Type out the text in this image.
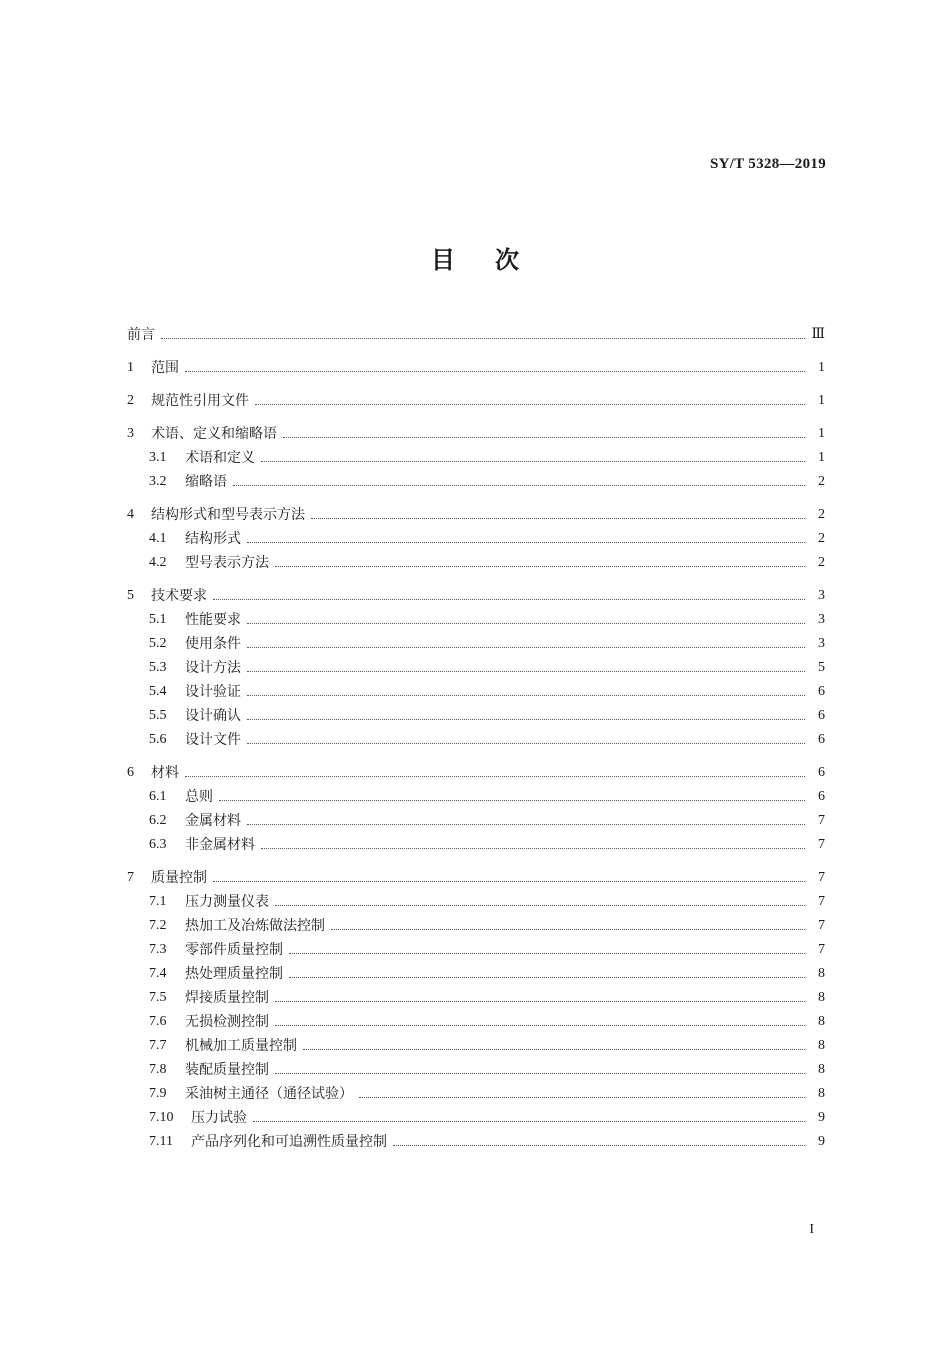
SY/T 5328—2019
目次
前言	Ⅲ
1	范围	1
2	规范性引用文件	1
3	术语、定义和缩略语	1
3.1	术语和定义	1
3.2	缩略语	2
4	结构形式和型号表示方法	2
4.1	结构形式	2
4.2	型号表示方法	2
5	技术要求	3
5.1	性能要求	3
5.2	使用条件	3
5.3	设计方法	5
5.4	设计验证	6
5.5	设计确认	6
5.6	设计文件	6
6	材料	6
6.1	总则	6
6.2	金属材料	7
6.3	非金属材料	7
7	质量控制	7
7.1	压力测量仪表	7
7.2	热加工及冶炼做法控制	7
7.3	零部件质量控制	7
7.4	热处理质量控制	8
7.5	焊接质量控制	8
7.6	无损检测控制	8
7.7	机械加工质量控制	8
7.8	装配质量控制	8
7.9	采油树主通径（通径试验）	8
7.10	压力试验	9
7.11	产品序列化和可追溯性质量控制	9
I
